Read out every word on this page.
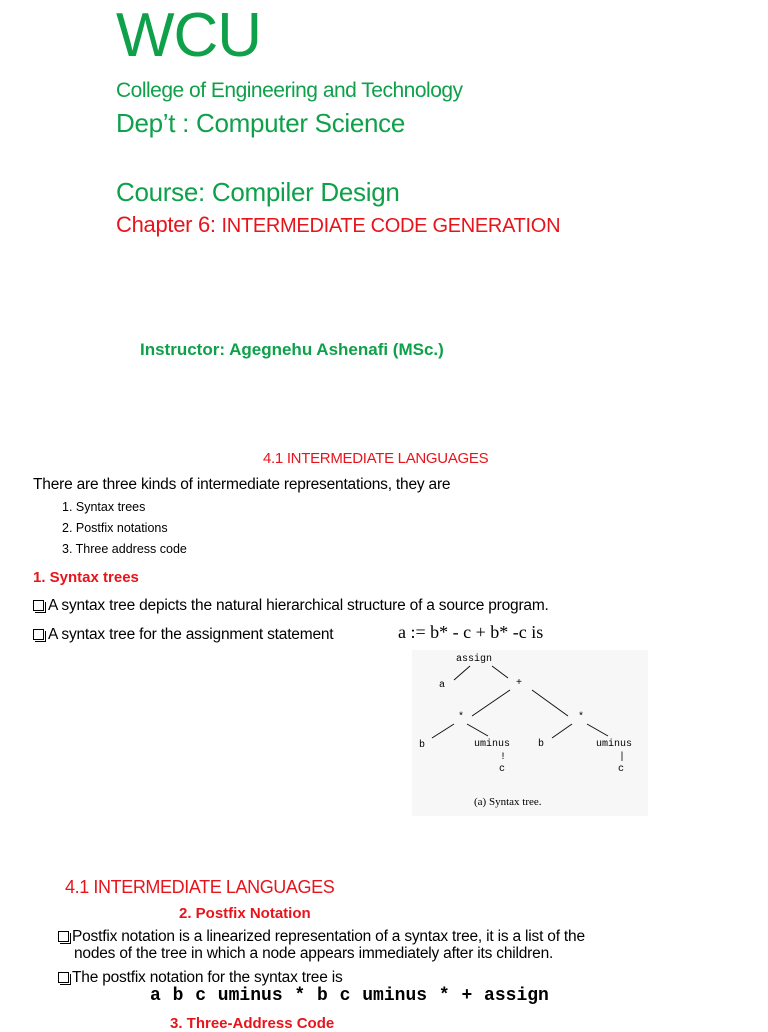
WCU
College of Engineering and Technology
Dep’t : Computer Science
Course: Compiler Design
Chapter 6: INTERMEDIATE CODE GENERATION
Instructor: Agegnehu Ashenafi (MSc.)
4.1 INTERMEDIATE LANGUAGES
There are three kinds of intermediate representations, they are
1. Syntax trees
2. Postfix notations
3. Three address code
1. Syntax trees
A syntax tree depicts the natural hierarchical structure of a source program.
A syntax tree for the assignment statement	a := b* - c + b* -c is
assign
a	+
*	*
b	uminus	b	uminus
!	|
c	c
(a) Syntax tree.
4.1 INTERMEDIATE LANGUAGES
2. Postfix Notation
Postfix notation is a linearized representation of a syntax tree, it is a list of the
nodes of the tree in which a node appears immediately after its children.
The postfix notation for the syntax tree is
a b c uminus * b c uminus * + assign
3. Three-Address Code
